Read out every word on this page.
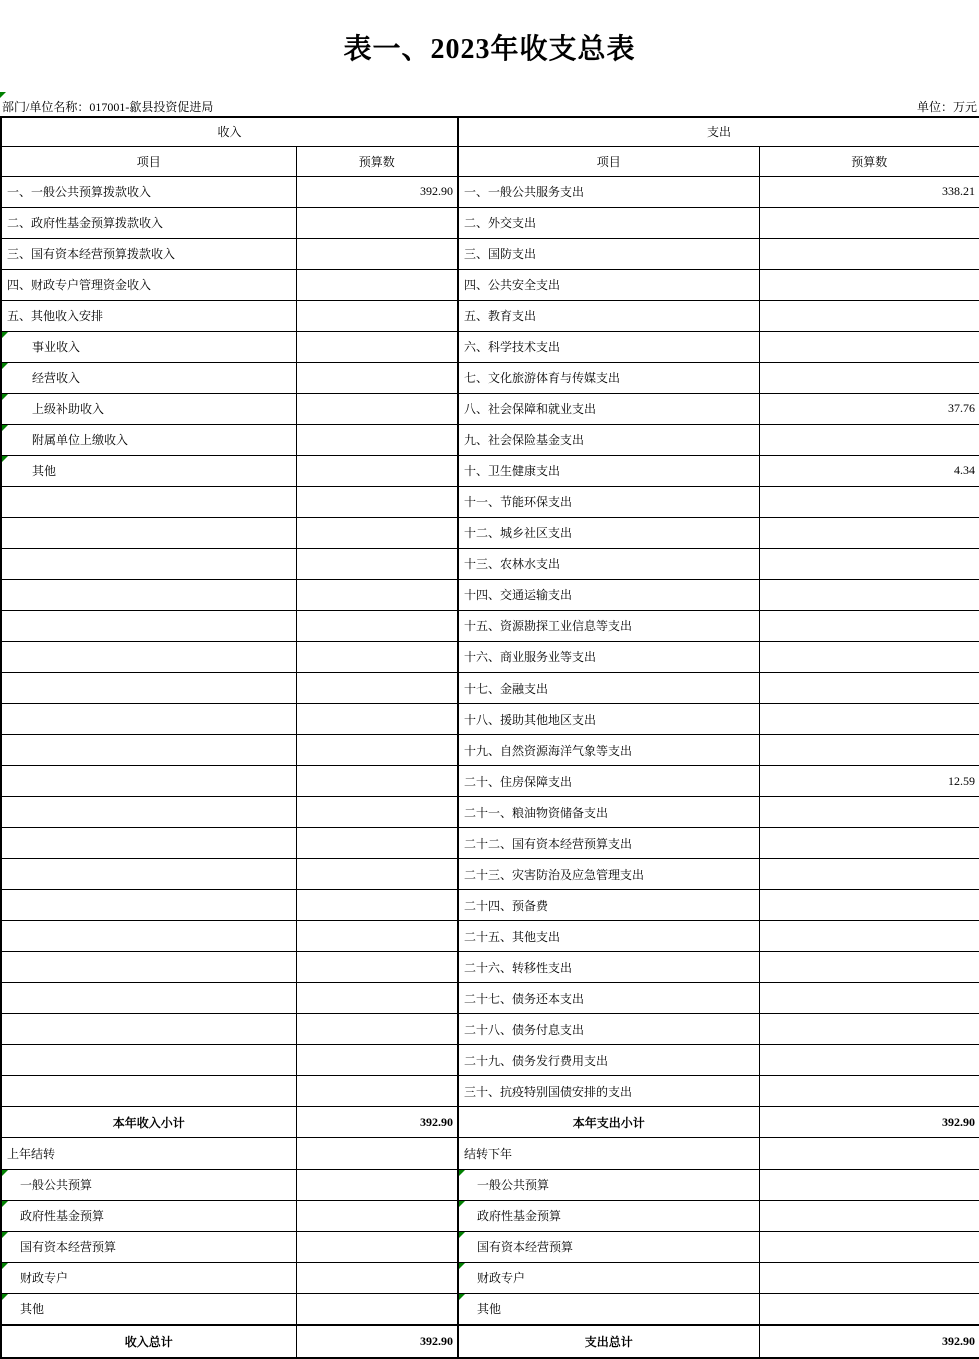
表一、2023年收支总表
部门/单位名称：017001-歙县投资促进局	单位：万元
收入		支出	
项目	预算数	项目	预算数
一、一般公共预算拨款收入	392.90	一、一般公共服务支出	338.21
二、政府性基金预算拨款收入		二、外交支出	
三、国有资本经营预算拨款收入		三、国防支出	
四、财政专户管理资金收入		四、公共安全支出	
五、其他收入安排		五、教育支出	

事业收入		六、科学技术支出	

经营收入		七、文化旅游体育与传媒支出	

上级补助收入		八、社会保障和就业支出	37.76

附属单位上缴收入		九、社会保险基金支出	

其他		十、卫生健康支出	4.34
		十一、节能环保支出	
		十二、城乡社区支出	
		十三、农林水支出	
		十四、交通运输支出	
		十五、资源勘探工业信息等支出	
		十六、商业服务业等支出	
		十七、金融支出	
		十八、援助其他地区支出	
		十九、自然资源海洋气象等支出	
		二十、住房保障支出	12.59
		二十一、粮油物资储备支出	
		二十二、国有资本经营预算支出	
		二十三、灾害防治及应急管理支出	
		二十四、预备费	
		二十五、其他支出	
		二十六、转移性支出	
		二十七、债务还本支出	
		二十八、债务付息支出	
		二十九、债务发行费用支出	
		三十、抗疫特别国债安排的支出	
本年收入小计	392.90	本年支出小计	392.90
上年结转		结转下年	

一般公共预算		一般公共预算	

政府性基金预算		政府性基金预算	

国有资本经营预算		国有资本经营预算	

财政专户		财政专户	

其他		其他	

收入总计	392.90	支出总计	392.90
